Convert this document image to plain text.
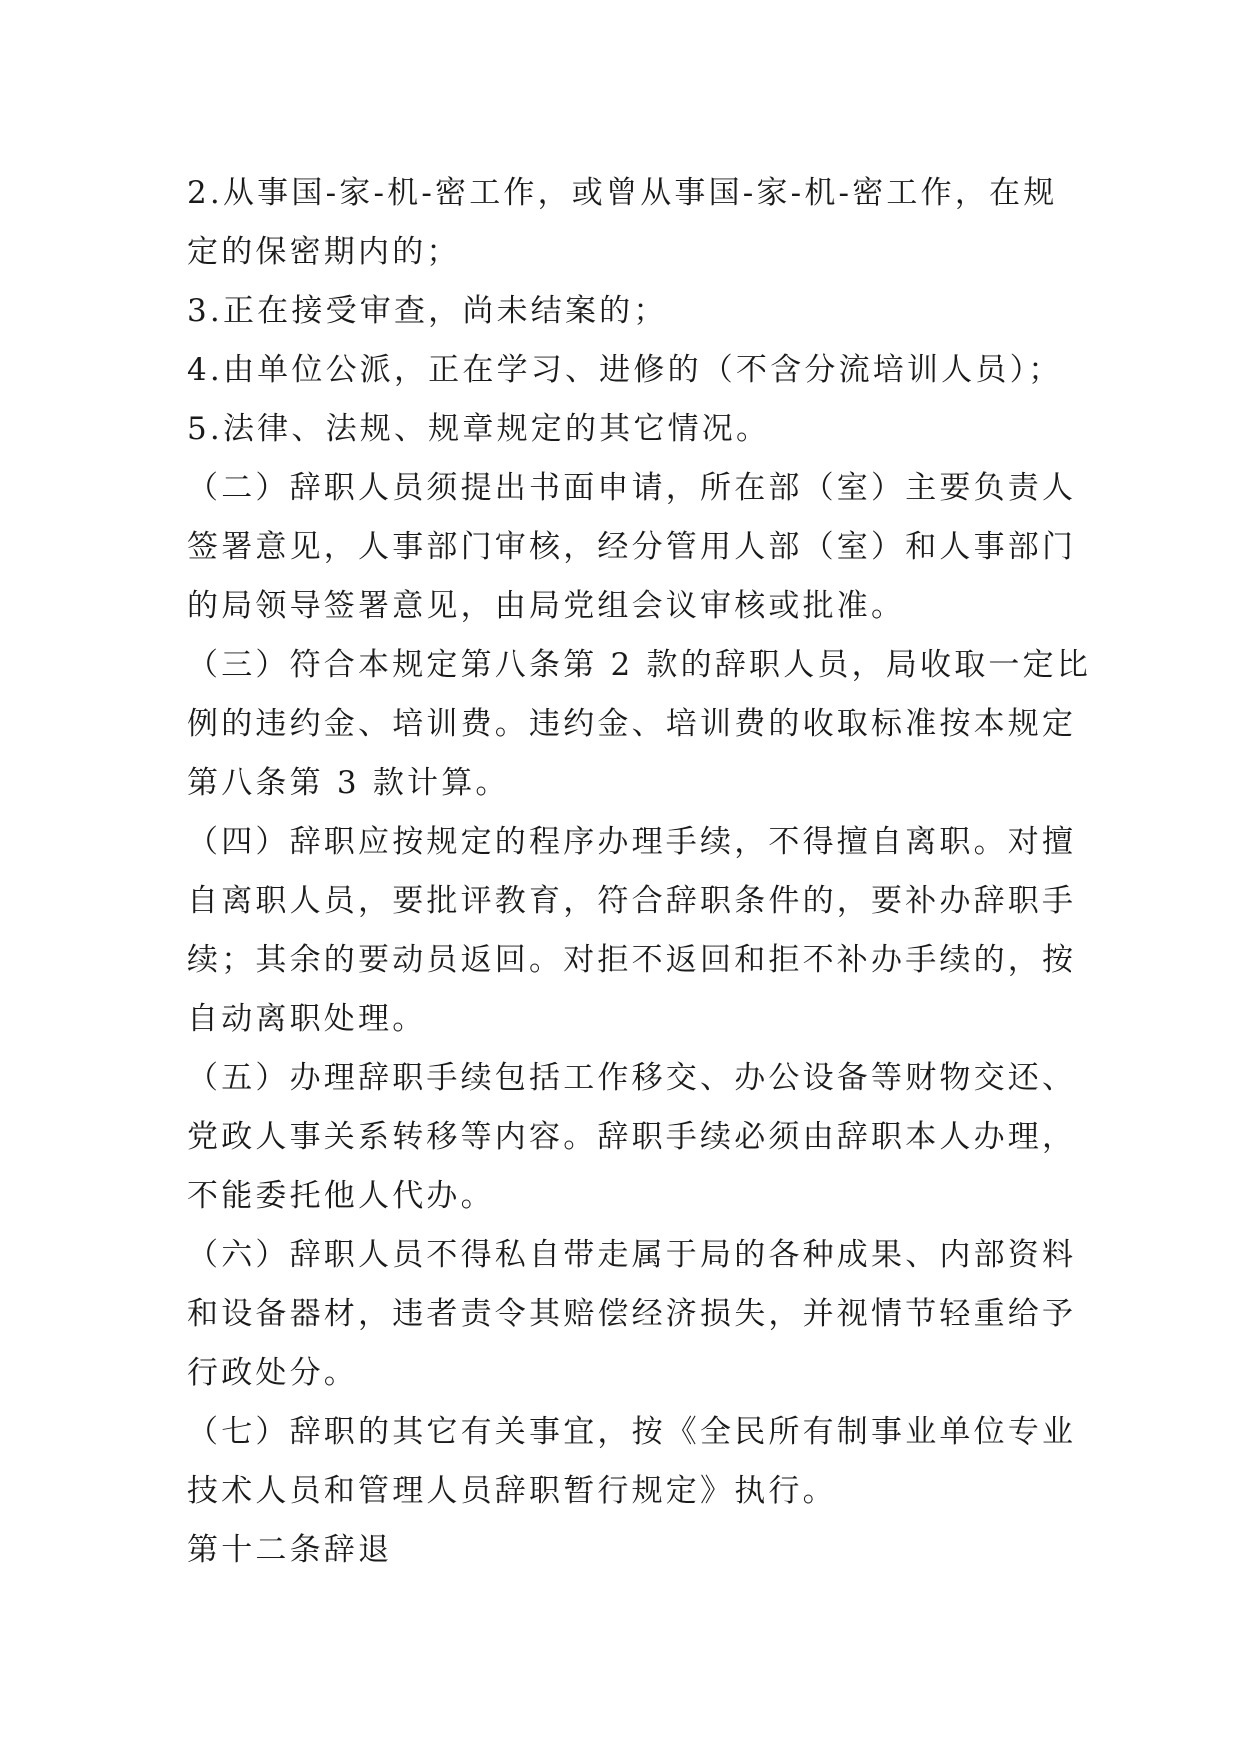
2.从事国-家-机-密工作，或曾从事国-家-机-密工作，在规
定的保密期内的；
3.正在接受审查，尚未结案的；
4.由单位公派，正在学习、进修的（不含分流培训人员）；
5.法律、法规、规章规定的其它情况。
（二）辞职人员须提出书面申请，所在部（室）主要负责人
签署意见，人事部门审核，经分管用人部（室）和人事部门
的局领导签署意见，由局党组会议审核或批准。
（三）符合本规定第八条第 2 款的辞职人员，局收取一定比
例的违约金、培训费。违约金、培训费的收取标准按本规定
第八条第 3 款计算。
（四）辞职应按规定的程序办理手续，不得擅自离职。对擅
自离职人员，要批评教育，符合辞职条件的，要补办辞职手
续；其余的要动员返回。对拒不返回和拒不补办手续的，按
自动离职处理。
（五）办理辞职手续包括工作移交、办公设备等财物交还、
党政人事关系转移等内容。辞职手续必须由辞职本人办理，
不能委托他人代办。
（六）辞职人员不得私自带走属于局的各种成果、内部资料
和设备器材，违者责令其赔偿经济损失，并视情节轻重给予
行政处分。
（七）辞职的其它有关事宜，按《全民所有制事业单位专业
技术人员和管理人员辞职暂行规定》执行。
第十二条辞退
